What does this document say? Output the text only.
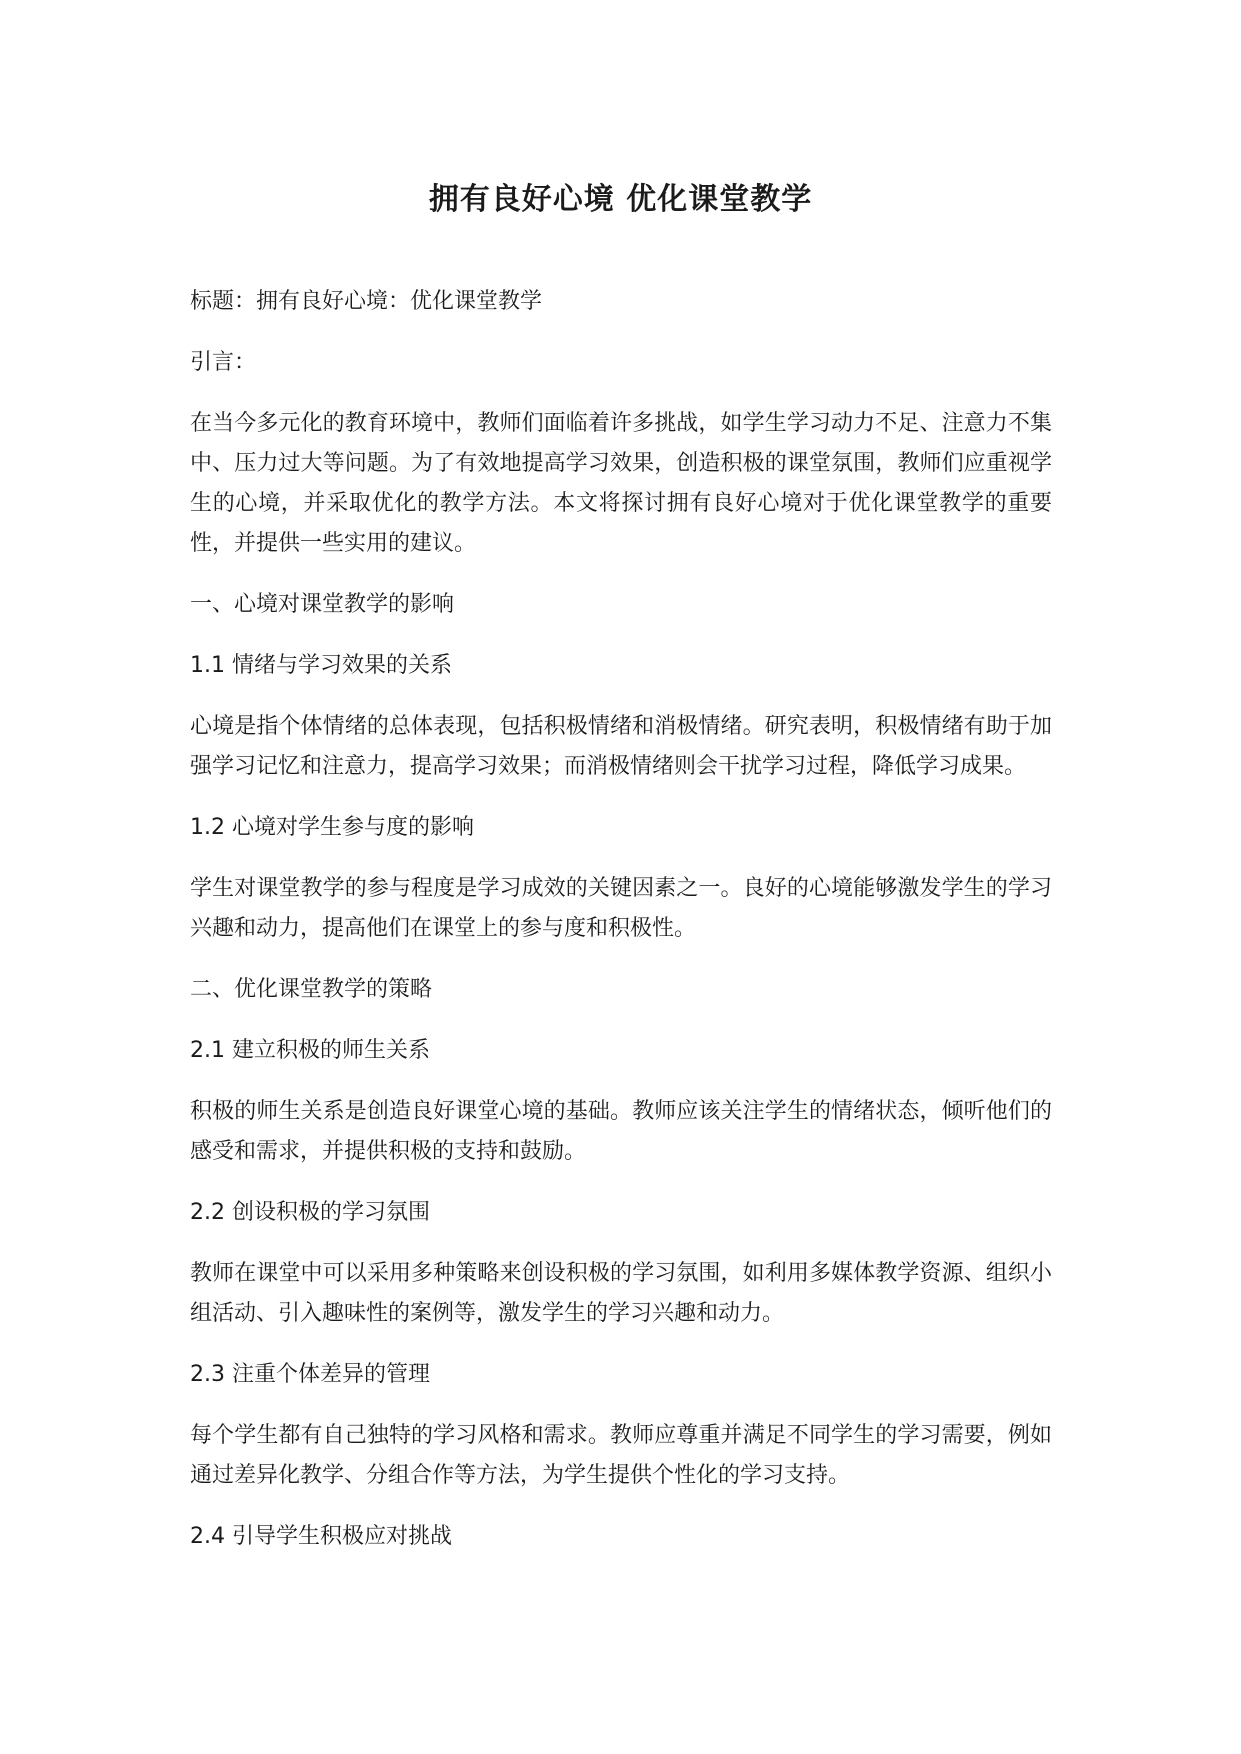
拥有良好心境 优化课堂教学

标题：拥有良好心境：优化课堂教学

引言：

在当今多元化的教育环境中，教师们面临着许多挑战，如学生学习动力不足、注意力不集中、压力过大等问题。为了有效地提高学习效果，创造积极的课堂氛围，教师们应重视学生的心境，并采取优化的教学方法。本文将探讨拥有良好心境对于优化课堂教学的重要性，并提供一些实用的建议。

一、心境对课堂教学的影响

1.1 情绪与学习效果的关系

心境是指个体情绪的总体表现，包括积极情绪和消极情绪。研究表明，积极情绪有助于加强学习记忆和注意力，提高学习效果；而消极情绪则会干扰学习过程，降低学习成果。

1.2 心境对学生参与度的影响

学生对课堂教学的参与程度是学习成效的关键因素之一。良好的心境能够激发学生的学习兴趣和动力，提高他们在课堂上的参与度和积极性。

二、优化课堂教学的策略

2.1 建立积极的师生关系

积极的师生关系是创造良好课堂心境的基础。教师应该关注学生的情绪状态，倾听他们的感受和需求，并提供积极的支持和鼓励。

2.2 创设积极的学习氛围

教师在课堂中可以采用多种策略来创设积极的学习氛围，如利用多媒体教学资源、组织小组活动、引入趣味性的案例等，激发学生的学习兴趣和动力。

2.3 注重个体差异的管理

每个学生都有自己独特的学习风格和需求。教师应尊重并满足不同学生的学习需要，例如通过差异化教学、分组合作等方法，为学生提供个性化的学习支持。

2.4 引导学生积极应对挑战
